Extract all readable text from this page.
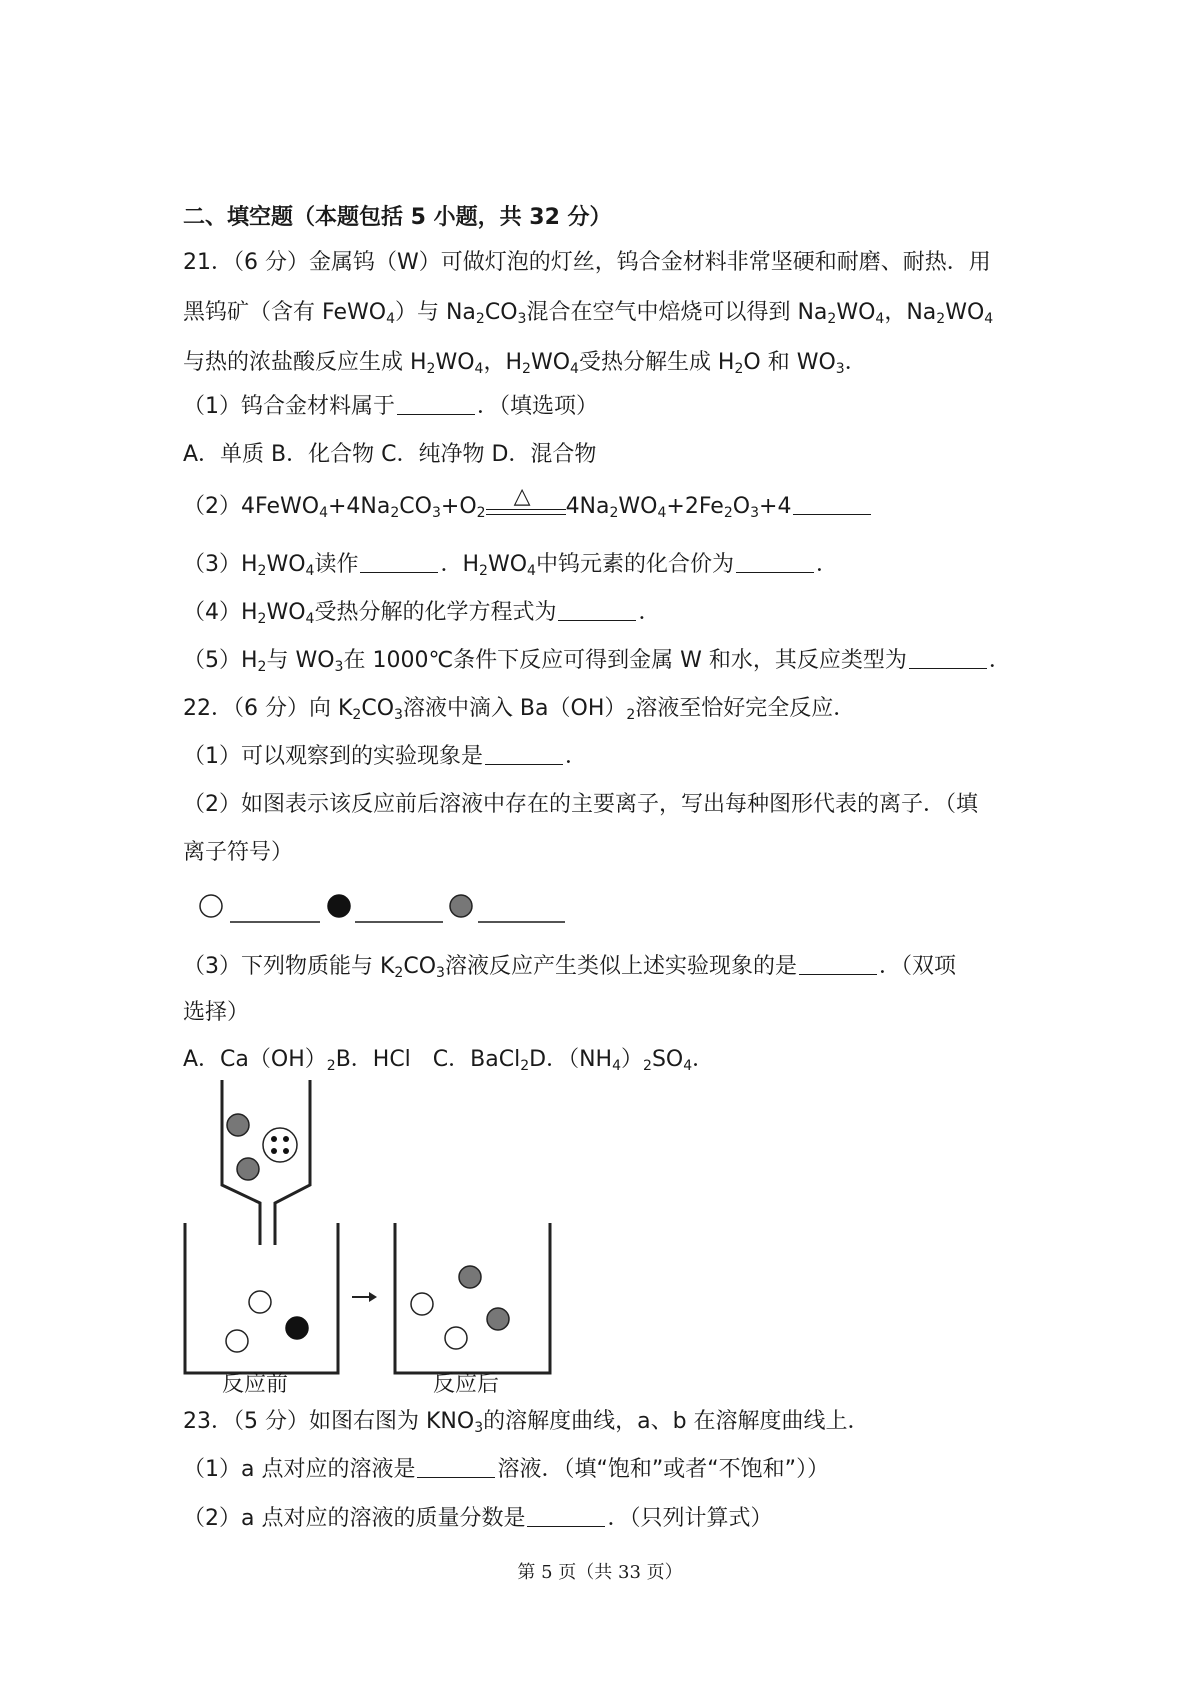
二、填空题（本题包括 5 小题，共 32 分）
21．（6 分）金属钨（W）可做灯泡的灯丝，钨合金材料非常坚硬和耐磨、耐热．用
黑钨矿（含有 FeWO$_4$）与 $Na_2CO_3$混合在空气中焙烧可以得到 $Na_2WO_4$，$Na_2WO_4$
与热的浓盐酸反应生成 $H_2WO_4$，$H_2WO_4$受热分解生成 $H_2O$ 和 $WO_3$．
（1）钨合金材料属于	．（填选项）
A．单质 B．化合物 C．纯净物 D．混合物
$(2)4FeWO_4+4Na_2CO_3+O_2$
△ $4Na_2WO_4+2Fe_2O_3+4$
$(3)H_2WO_4$读作	．$H_2WO_4$中钨元素的化合价为	．
$(4)H_2WO_4$受热分解的化学方程式为	．
$(5)H_2$与 $WO_3$在 1000℃条件下反应可得到金属 W 和水，其反应类型为	．
22．（6 分）向 $K_2CO_3$溶液中滴入 $Ba(OH)_2$溶液至恰好完全反应．
（1）可以观察到的实验现象是	．
（2）如图表示该反应前后溶液中存在的主要离子，写出每种图形代表的离子．（填
离子符号）
（3）下列物质能与 $K_2CO_3$溶液反应产生类似上述实验现象的是	．（双项
选择）
A．$Ca(OH)_2B$．HCl　C．BaCl$_2$D．$(NH_4)_2SO_4$．
反应前	反应后
23．（5 分）如图右图为 $KNO_3$的溶解度曲线，a、b 在溶解度曲线上．
（1）a 点对应的溶液是	溶液．（填“饱和”或者“不饱和”））
（2）a 点对应的溶液的质量分数是	．（只列计算式）
第 5 页（共 33 页）
